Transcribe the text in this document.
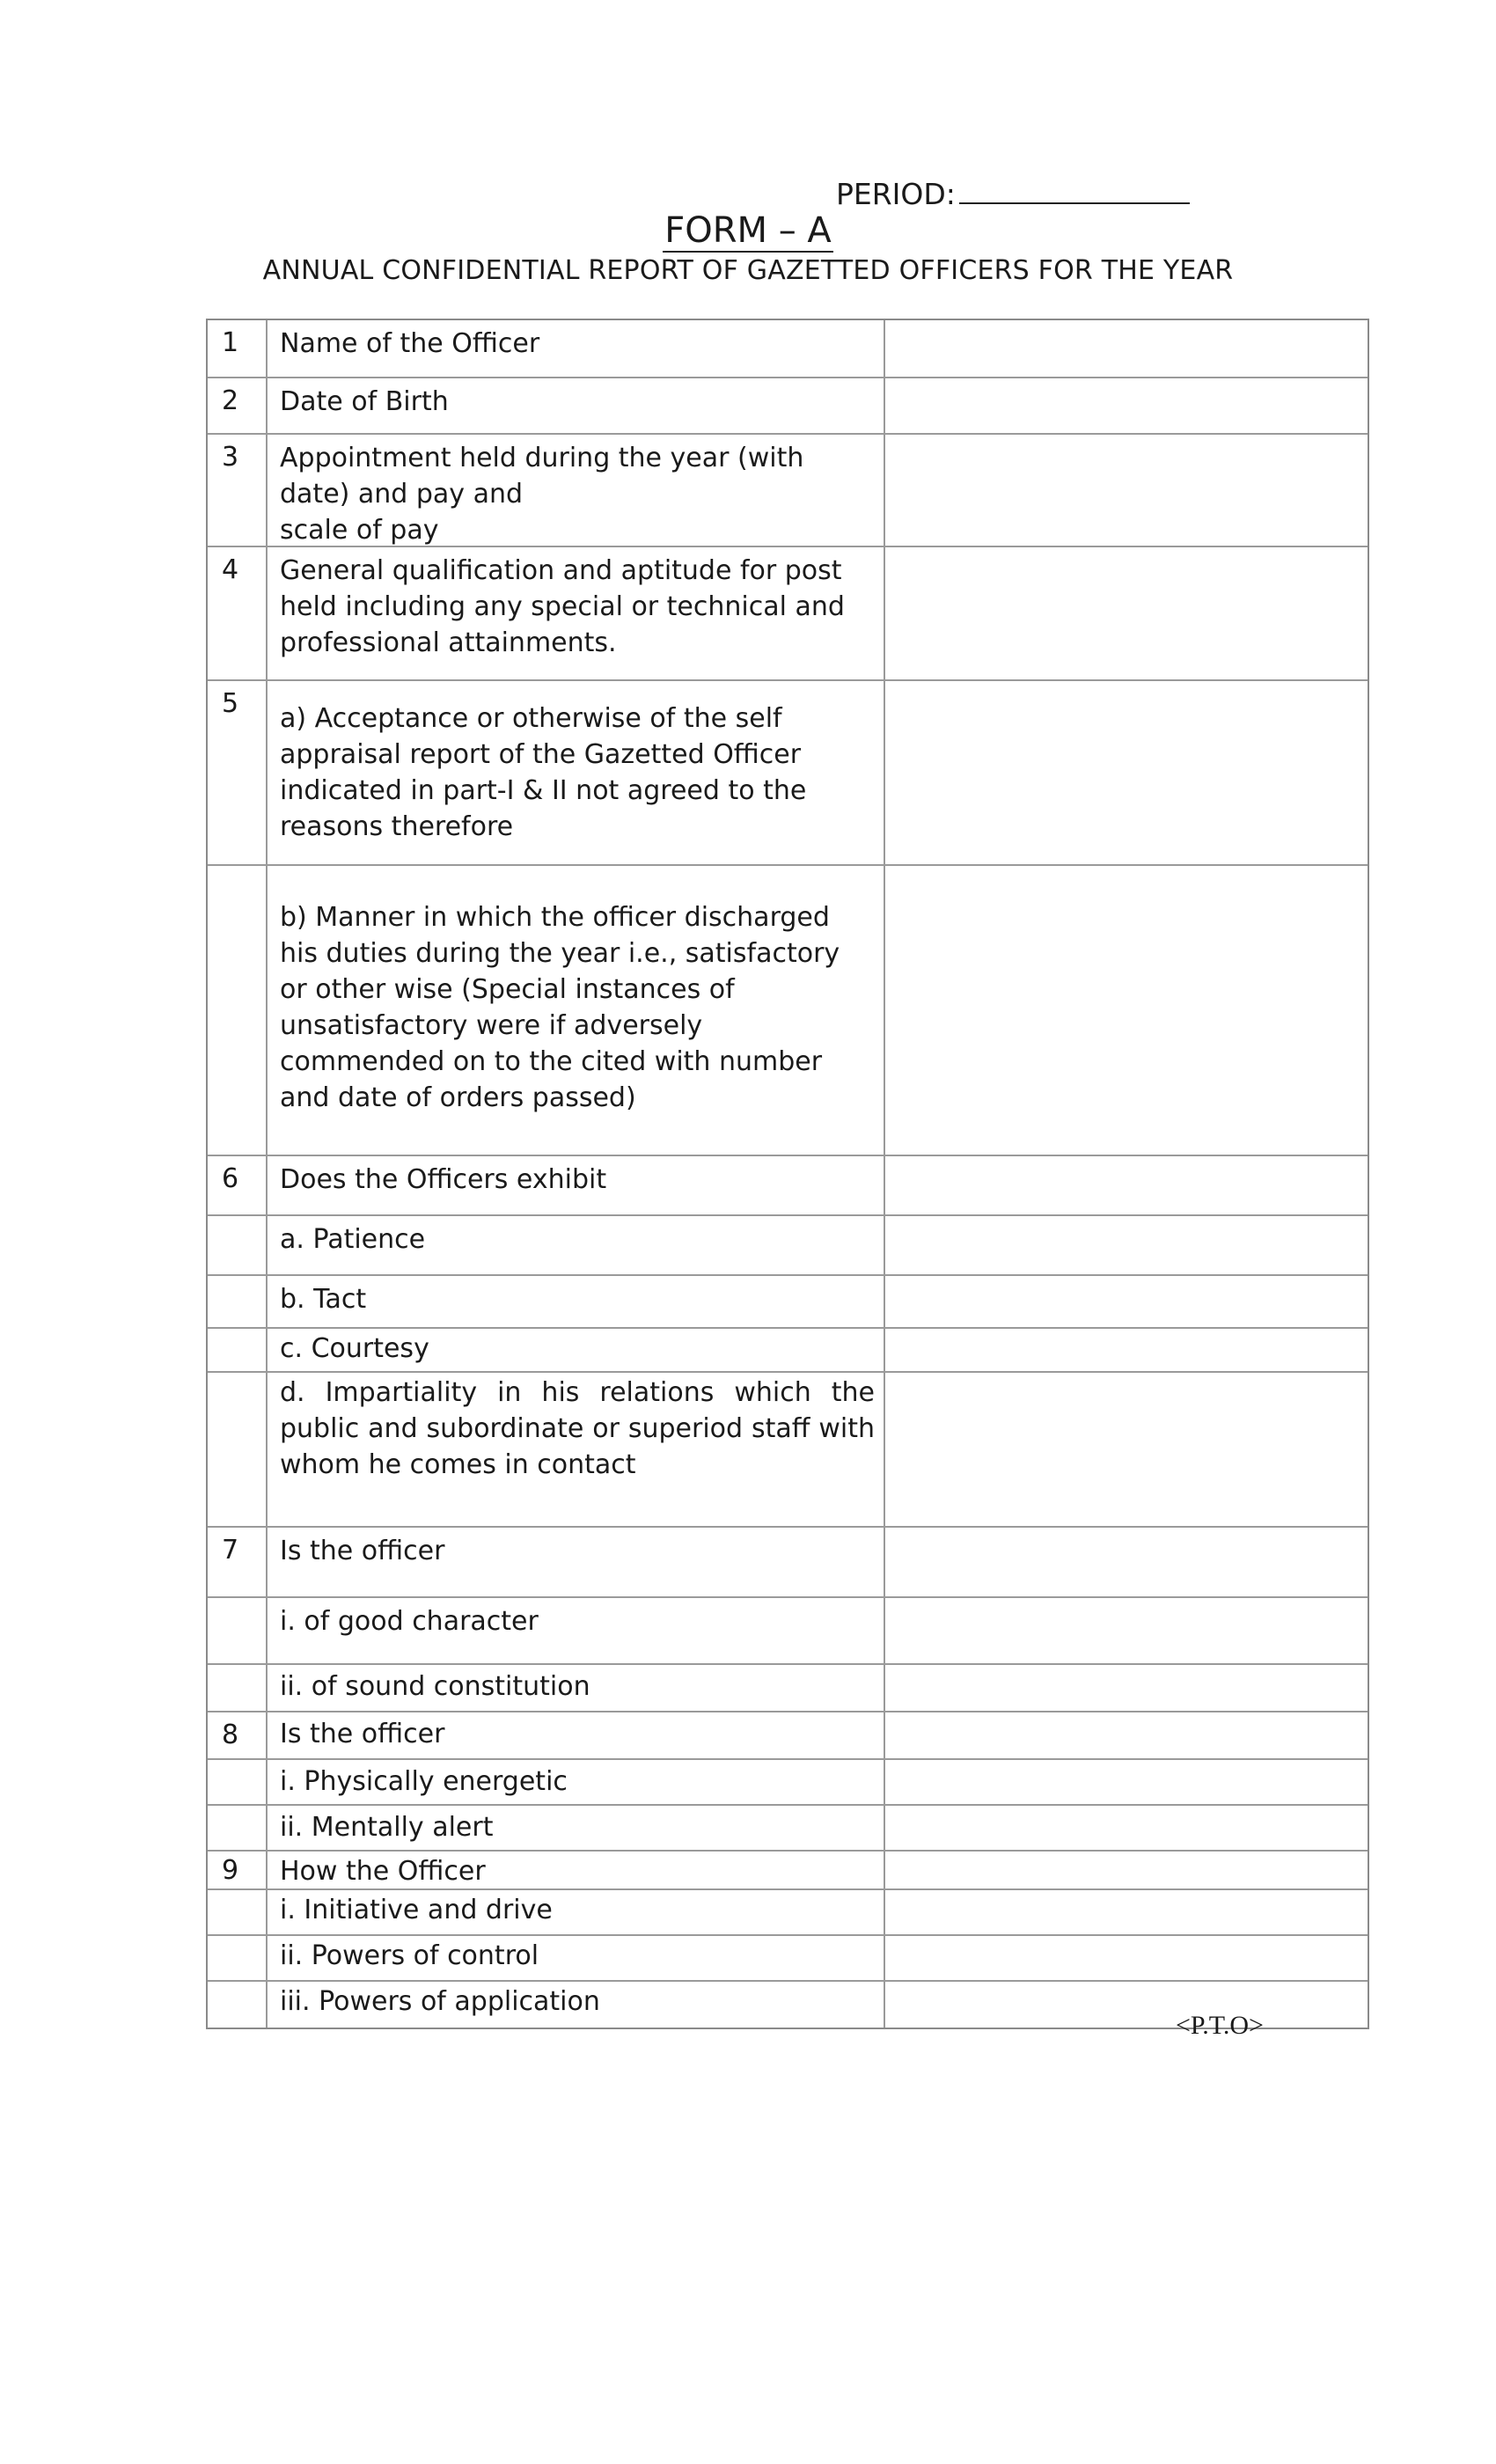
PERIOD:
FORM – A
ANNUAL CONFIDENTIAL REPORT OF GAZETTED OFFICERS FOR THE YEAR
1	Name of the Officer
2	Date of Birth
3	Appointment held during the year (with date) and pay and
scale of pay
4	General qualification and aptitude for post held including any special or technical and professional attainments.
5	a) Acceptance or otherwise of the self appraisal report of the Gazetted Officer indicated in part-I & II not agreed to the reasons therefore
b) Manner in which the officer discharged his duties during the year i.e., satisfactory or other wise (Special instances of unsatisfactory were if adversely commended on to the cited with number and date of orders passed)
6	Does the Officers exhibit
a. Patience
b. Tact
c. Courtesy
d. Impartiality in his relations which the public and subordinate or superiod staff with whom he comes in contact
7	Is the officer
i. of good character
ii. of sound constitution
8	Is the officer
i. Physically energetic
ii. Mentally alert
9	How the Officer
i. Initiative and drive
ii. Powers of control
iii. Powers of application
<P.T.O>
